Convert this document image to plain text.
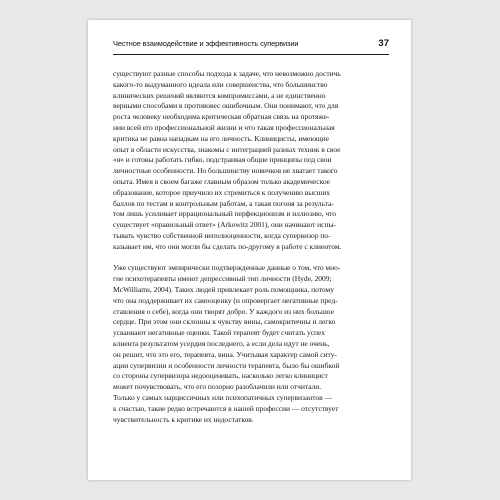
Честное взаимодействие и эффективность супервизии	37
существуют разные способы подхода к задаче, что невозможно достичь
какого-то выдуманного идеала или совершенства, что большинство
клинических решений являются компромиссами, а не единственно
верными способами в противовес ошибочным. Они понимают, что для
роста человеку необходима критическая обратная связь на протяже-
нии всей его профессиональной жизни и что такая профессиональная
критика не равна нападкам на его личность. Клиницисты, имеющие
опыт в области искусства, знакомы с интеграцией разных техник в свое
«я» и готовы работать гибко, подстраивая общие принципы под свои
личностные особенности. Но большинству новичков не хватает такого
опыта. Имея в своем багаже главным образом только академическое
образование, которое приучило их стремиться к получению высших
баллов по тестам и контрольным работам, а такая погоня за результа-
том лишь усиливает иррациональный перфекционизм и иллюзию, что
существует «правильный ответ» (Arkowitz 2001), они начинают испы-
тывать чувство собственной неполноценности, когда супервизор по-
казывает им, что они могли бы сделать по-другому в работе с клиентом.
Уже существуют эмпирически подтвержденные данные о том, что мно-
гие психотерапевты имеют депрессивный тип личности (Hyde, 2009;
McWilliams, 2004). Таких людей привлекает роль помощника, потому
что она поддерживает их самооценку (и опровергает негативные пред-
ставления о себе), когда они творят добро. У каждого из них большое
сердце. При этом они склонны к чувству вины, самокритичны и легко
усваивают негативные оценки. Такой терапевт будет считать успех
клиента результатом усердия последнего, а если дела идут не очень,
он решит, что это его, терапевта, вина. Учитывая характер самой ситу-
ации супервизии и особенности личности терапевта, было бы ошибкой
со стороны супервизора недооценивать, насколько легко клиницист
может почувствовать, что его позорно разоблачили или отчитали.
Только у самых нарциссичных или психопатичных супервизантов —
к счастью, такие редко встречаются в нашей профессии — отсутствует
чувствительность к критике их недостатков.
